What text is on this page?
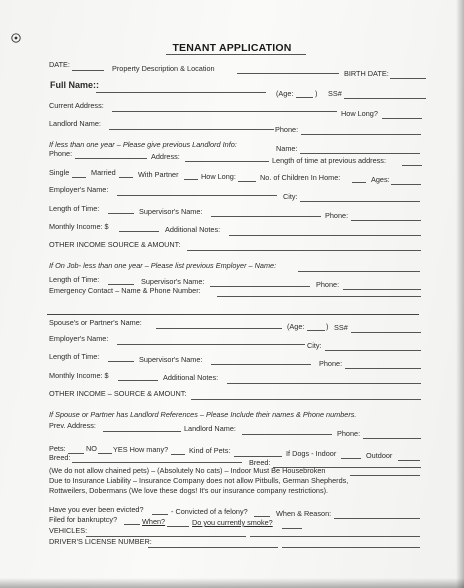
TENANT APPLICATION
DATE:	Property Description & Location
BIRTH DATE:
Full Name::
(Age:	) SS#
Current Address:
How Long?
Landlord Name:
Phone:
If less than one year – Please give previous Landlord Info:	Name:
Phone:	Address:	Length of time at previous address:
Single	Married	With Partner	How Long:	No. of Children In Home:	Ages:
Employer's Name:
City:
Length of Time:	Supervisor's Name:	Phone:
Monthly Income: $	Additional Notes:
OTHER INCOME SOURCE & AMOUNT:
If On Job- less than one year – Please list previous Employer – Name:
Length of Time:	Supervisor's Name:	Phone:
Emergency Contact – Name & Phone Number:
Spouse's or Partner's Name:	(Age:	) SS#
Employer's Name:
City:
Length of Time:	Supervisor's Name:	Phone:
Monthly Income: $	Additional Notes:
OTHER INCOME – SOURCE & AMOUNT:
If Spouse or Partner has Landlord References – Please Include their names & Phone numbers.
Prev. Address:	Landlord Name:
Phone:
Pets:	NO YES How many?	Kind of Pets:	If Dogs - Indoor	Outdoor
Breed:
Breed:
(We do not allow chained pets) – (Absolutely No cats) – Indoor Must Be Housebroken
Due to Insurance Liability – Insurance Company does not allow Pitbulls, German Shepherds,
Rottweilers, Dobermans (We love these dogs! It's our insurance company restrictions).
Have you ever been evicted?	- Convicted of a felony?	When & Reason:
Filed for bankruptcy?	When?	Do you currently smoke?
VEHICLES:
DRIVER'S LICENSE NUMBER:
